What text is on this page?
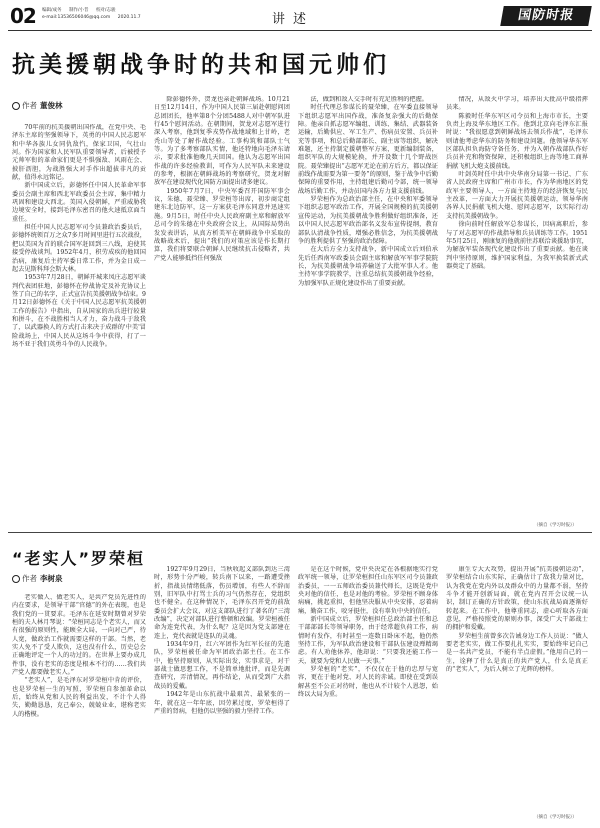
02 编辑/成务 制作/小昔 校对/志骏
e-mail:13536506046@qq.com 2020.11.7	讲述	国防时报
抗美援朝战争时的共和国元帅们
作者 董俊林

70年前的抗美援朝出国作战，在党中央、毛泽东主席的坚强领导下，英勇的中国人民志愿军和中华各族儿女同仇敌忾，保家卫国，气壮山河。作为国家和人民军队重要领导者，后被授予元帅军衔的革命家们更是不惧强敌、风雨在会、披肝沥胆，为战胜强大对手作出超拔非凡的贡献，值得永远铭记。

新中国成立后，彭德怀任中国人民革命军事委员会副主席和西北军政委员会主席，集中精力巩固和建设大西北。美国入侵朝鲜，严重威胁我边境安全时，接到毛泽东密召的他火速抵京面当重任。

担任中国人民志愿军司令员兼政治委员后，彭德怀统领百万之众7多月时间里进行五次战役，把以美国为首的联合国军赶回到三八线，迫使其接受停战谈判。1952年4月，积劳成疾的他回国治病，康复后主持军委日常工作，并为金日成一起去见斯科拜会斯大林。

1953年7月28日，朝鲜开城来凤庄志愿军谈判代表团驻地，彭德怀在停战协定及补充协议上签了自己的名字，正式宣告抗美援朝战争结束。9月12日彭德怀在《关于中国人民志愿军抗美援朝工作的报告》中指出，自从国家的出兵进行较量和拼斗，在不战胜相当人才力，奋力战斗于敌我了，以武器换人的方式打击来决于成群的'中美'冒险战场上，中国人民从这场斗争中获得，打了一场不亚于我们英勇斗争的人民战争。

除彭德怀外，贺龙也亲赴朝鲜战场。10月21日至12月14日，作为中国人民第三届赴朝慰问团总团团长，他率第8个分团5488人对中朝军队进行45个慰问活动。在朝期间，贺龙对志愿军进行深入考察，他到复季戎势作战地域和上甘岭，老秃山等处了解作战经验。工事构筑和部队士气等。为了多考察部队实情，他还特地向毛泽东请示，要求批准他晚几天回国。他认为志愿军出国作战的许多经验教训，可作为人民军队未来建设的参考，根据在朝鲜战场的考察研究，贺龙对解放军在建设现代化国防方面提出诸多建议。

1950年7月7日，中央军委召开国防军事会议，朱德、聂荣臻、罗荣桓等出席，初步商定组建东北边防军，这一方案获毛泽东同意并迅速实施。9月5日，时任中央人民政府副主席和解放军总司令的朱德在中央政府会议上，从国际局势出发发表讲话，从真方析美军在朝鲜战争中采取的战略战术后，提出“我们的对策应该是作长期打算，我们将要联合朝鲜人民继续抗击侵略者，共产党人能够抵挡任何强敌

法，做到和敌人交手时有充足胜利的把握。

时任代理总参谋长的聂荣臻，在军委直接领导下组织志愿军出国作战，准备复杂强大的后勤保障。他亲自抓志愿军编组、训练、集结、武器装备运输，后勤供应、军工生产、伤病员安置、兵员补充等事项，和总后勤部部长、副主席等组织，解决难题，还主持制定援朝整军方案，更新编制装备，组织军队的大规模轮换，并开设数十几个野战医院。聂荣臻提出“志愿军无论在前方后方，都以保证前线作战需要为第一要务”的原则，鉴于战争中后勤保障的重要作用，主持组建后勤司令部，统一领导战场后勤工作，并动员国内各方力量支援前线。

罗荣桓作为总政治部主任，在中央和军委领导下组织志愿军政治工作，开展全国规模的抗美援朝宣传运动，为抗美援朝战争胜利做好组织准备，还以中国人民志愿军政治部名义发布宣传提纲，教育部队认清战争性质，增强必胜信念，为抗美援朝战争的胜利提供了坚强的政治保障。

在大后方全力支持战争，新中国成立后刘伯承先后任西南军政委员会副主席和解放军军事学院院长，为抗美援朝战争培养输送了大批军事人才。他主持军事学院教学，注重总结抗美援朝战争经验，为加强军队正规化建设作出了重要贡献。

情况，从敌火中学习，培养出大批高中级指挥员来。

陈毅时任华东军区司令员和上海市市长，主要负责上海及华东地区工作。他到北京向毛泽东汇报时说：“我很愿意到朝鲜战场去领兵作战”，毛泽东则请他考虑华东的防务和建设问题。他领导华东军区部队担负海防守备任务，并为入朝作战部队作好兵员补充和物资保障，还积极组织上海等地工商界捐献飞机大炮支援前线。

叶剑英时任中共中央华南分局第一书记、广东省人民政府主席和广州市市长，作为华南地区的党政军主要领导人，一方面主持地方的经济恢复与民主改革，一方面大力开展抗美援朝运动，领导华南各界人民捐献飞机大炮、慰问志愿军，以实际行动支持抗美援朝战争。

徐向前时任解放军总参谋长，因病离职后，参与了对志愿军的作战指导和兵员训练等工作。1951年5月25日，刚康复的他就前往苏联洽谈援助事宜，为解放军装备现代化建设作出了重要贡献。他在谈判中坚持原则，维护国家利益，为我军换装新式武器奠定了基础。

（摘自《学习时报》）
“老实人”罗荣桓
作者 李树泉

老实做人、做老实人，是共产党员先进性的内在要求，是领导干部“官德”的外在表现，也是我们党的一贯要求。毛泽东在延安时期曾对罗荣桓的夫人林月琴说：“荣桓同志是个老实人，而又有很强的原则性，能顾全大局，一向对己严，待人宽，做政治工作就需要这样的干部。当然，老实人免不了受人欺负，这也没有什么，历史总会正确地评定一个人的功过的。在世界上要办成几件事，没有老实的态度是根本不行的……我们共产党人都要做老实人。”

“老实人”，是毛泽东对罗荣桓中肯的评价，也是罗荣桓一生的写照，罗荣桓自参加革命以后，始终从党和人民的利益出发，不计个人得失，勤勤恳恳，克己奉公，兢兢业业，堪称老实人的楷模。

1927年9月29日，当秋收起义部队到达三湾时，形势十分严峻，转兵南下以来，一路遭受挫折，指战员情绪低落，伤员增加，有些人不辞而别，旧军队中打骂士兵的习气仍然存在，党组织也不健全。在这种情况下，毛泽东召开党的前敌委员会扩大会议，对这支部队进行了著名的“三湾改编”，决定对部队进行整顿和改编。罗荣桓被任命为连党代表，为什么呢？这是因为党支部建在连上，党代表就是连队的灵魂。

1934年9月，红六军团作为红军长征的先遣队，罗荣桓被任命为军团政治部主任。在工作中，他坚持原则，从实际出发，实事求是，对干部战士做思想工作，不是简单地批评，而是先调查研究，弄清情况，再作结论，从而受到广大指战员的爱戴。

1942年是山东抗战中最艰苦、最紧张的一年，就在这一年年底，因劳累过度，罗荣桓得了严重的肾病，但他仍以坚强的毅力坚持工作。

是在这个时候，党中央决定在各根据地实行党政军统一领导，让罗荣桓担任山东军区司令员兼政治委员，一一五师政治委员兼代师长，这既是党中央对他的信任，也是对他的考验。罗荣桓不顾身体病痛，挑起重担，但他坚决服从中央安排，忍着病痛，勤奋工作，咬牙挺住，没有辜负中央的信任。

新中国成立后，罗荣桓担任总政治部主任和总干部部部长等领导职务，由于经常超负荷工作，病情时有发作，有时甚至一连数日卧床不起，他仍然坚持工作，为军队政治建设和干部队伍建设殚精竭虑。有人劝他休养，他却说：“只要我还能工作一天，就要为党和人民做一天事。”

罗荣桓的“老实”，不仅仅在于他的忠厚与宽容，更在于他对党、对人民的赤诚。即使在受到误解甚至不公正对待时，他也从不计较个人恩怨，始终以大局为重。

康生专大大攻势，提出开展“抗美援朝运动”，罗荣桓结合山东实际，正确估计了敌我力量对比，认为我党在党内外以及群众中的力量都不弱，坚持斗争才能开创新局面，就在党内召开会议统一认识，制订正确的方针政策，使山东抗战局面逐渐好转起来。在工作中，他尊重同志，虚心听取各方面意见，严格按照党的原则办事，深受广大干部战士的拥护和爱戴。

罗荣桓生前曾多次告诫身边工作人员说：“做人要老老实实，做工作要扎扎实实，要始终牢记自己是一名共产党员，不能有半点虚假。”他用自己的一生，诠释了什么是真正的共产党人，什么是真正的“老实人”，为后人树立了光辉的榜样。

（摘自《学习时报》）
